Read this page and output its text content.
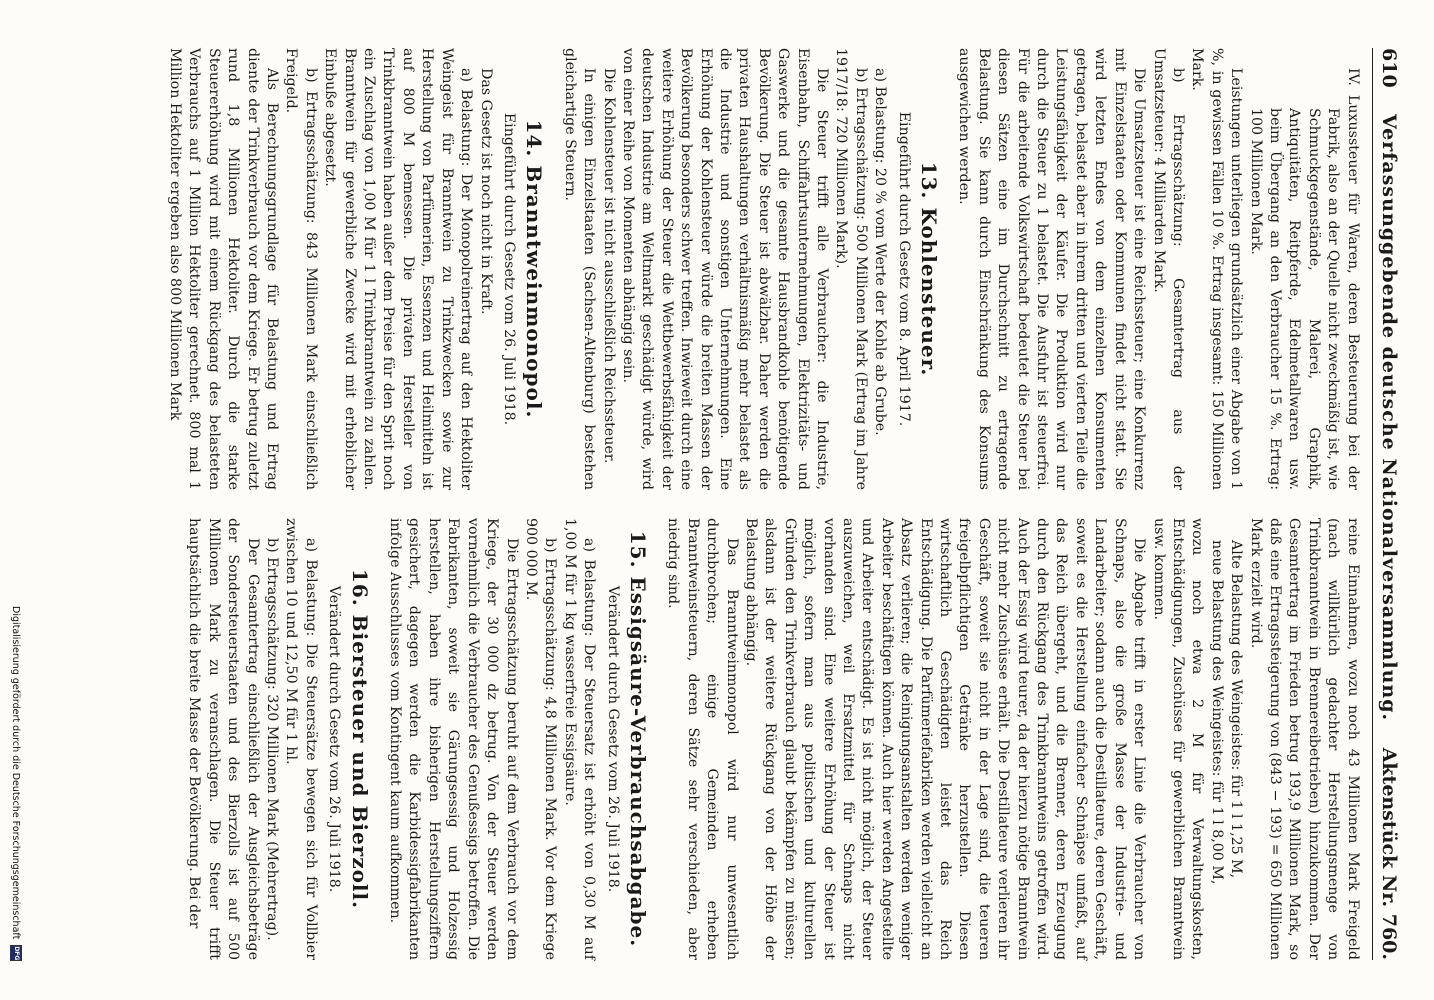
610
Verfassunggebende deutsche Nationalversammlung.
Aktenstück Nr. 760.

IV. Luxussteuer für Waren, deren Besteuerung bei der Fabrik, also an der Quelle nicht zweckmäßig ist, wie Schmuckgegenstände, Malerei, Graphik, Antiquitäten, Reitpferde, Edelmetallwaren usw. beim Übergang an den Verbraucher 15 %. Ertrag: 100 Millionen Mark.

Leistungen unterliegen grundsätzlich einer Abgabe von 1 %, in gewissen Fällen 10 %. Ertrag insgesamt: 150 Millionen Mark.

b) Ertragsschätzung: Gesamtertrag aus der Umsatzsteuer: 4 Milliarden Mark.

Die Umsatzsteuer ist eine Reichssteuer; eine Konkurrenz mit Einzelstaaten oder Kommunen findet nicht statt. Sie wird letzten Endes von dem einzelnen Konsumenten getragen, belastet aber in ihrem dritten und vierten Teile die Leistungsfähigkeit der Käufer. Die Produktion wird nur durch die Steuer zu 1 belastet. Die Ausfuhr ist steuerfrei. Für die arbeitende Volkswirtschaft bedeutet die Steuer bei diesen Sätzen eine im Durchschnitt zu ertragende Belastung. Sie kann durch Einschränkung des Konsums ausgewichen werden.

13. Kohlensteuer.
Eingeführt durch Gesetz vom 8. April 1917.

a) Belastung: 20 % vom Werte der Kohle ab Grube.

b) Ertragsschätzung: 500 Millionen Mark (Ertrag im Jahre 1917/18: 720 Millionen Mark).

Die Steuer trifft alle Verbraucher: die Industrie, Eisenbahn, Schiffahrtsunternehmungen, Elektrizitäts- und Gaswerke und die gesamte Hausbrandkohle benötigende Bevölkerung. Die Steuer ist abwälzbar. Daher werden die privaten Haushaltungen verhältnismäßig mehr belastet als die Industrie und sonstigen Unternehmungen. Eine Erhöhung der Kohlensteuer würde die breiten Massen der Bevölkerung besonders schwer treffen. Inwieweit durch eine weitere Erhöhung der Steuer die Wettbewerbsfähigkeit der deutschen Industrie am Weltmarkt geschädigt würde, wird von einer Reihe von Momenten abhängig sein.

Die Kohlensteuer ist nicht ausschließlich Reichssteuer.

In einigen Einzelstaaten (Sachsen-Altenburg) bestehen gleichartige Steuern.

14. Branntweinmonopol.
Eingeführt durch Gesetz vom 26. Juli 1918.

Das Gesetz ist noch nicht in Kraft.

a) Belastung: Der Monopolreinertrag auf den Hektoliter Weingeist für Branntwein zu Trinkzwecken sowie zur Herstellung von Parfümerien, Essenzen und Heilmitteln ist auf 800 M bemessen. Die privaten Hersteller von Trinkbranntwein haben außer dem Preise für den Sprit noch ein Zuschlag von 1,00 M für 1 l Trinkbranntwein zu zahlen. Branntwein für gewerbliche Zwecke wird mit erheblicher Einbuße abgesetzt.

b) Ertragsschätzung: 843 Millionen Mark einschließlich Freigeld.

Als Berechnungsgrundlage für Belastung und Ertrag diente der Trinkverbrauch vor dem Kriege. Er betrug zuletzt rund 1,8 Millionen Hektoliter. Durch die starke Steuererhöhung wird mit einem Rückgang des belasteten Verbrauchs auf 1 Million Hektoliter gerechnet. 800 mal 1 Million Hektoliter ergeben also 800 Millionen Mark

reine Einnahmen, wozu noch 43 Millionen Mark Freigeld (nach willkürlich gedachter Herstellungsmenge von Trinkbranntwein in Brennereibetrieben) hinzukommen. Der Gesamtertrag im Frieden betrug 193,9 Millionen Mark, so daß eine Ertragssteigerung von (843 − 193) = 650 Millionen Mark erzielt wird.

Alte Belastung des Weingeistes: für 1 l 1,25 M,

neue Belastung des Weingeistes: für 1 l 8,00 M,

wozu noch etwa 2 M für Verwaltungskosten, Entschädigungen, Zuschüsse für gewerblichen Branntwein usw. kommen.

Die Abgabe trifft in erster Linie die Verbraucher von Schnaps, also die große Masse der Industrie- und Landarbeiter; sodann auch die Destillateure, deren Geschäft, soweit es die Herstellung einfacher Schnäpse umfaßt, auf das Reich übergeht, und die Brenner, deren Erzeugung durch den Rückgang des Trinkbranntweins getroffen wird. Auch der Essig wird teurer, da der hierzu nötige Branntwein nicht mehr Zuschüsse erhält. Die Destillateure verlieren ihr Geschäft, soweit sie nicht in der Lage sind, die teueren freigelbpflichtigen Getränke herzustellen. Diesen wirtschaftlich Geschädigten leistet das Reich Entschädigung. Die Parfümeriefabriken werden vielleicht an Absatz verlieren; die Reinigungsanstalten werden weniger Arbeiter beschäftigen können. Auch hier werden Angestellte und Arbeiter entschädigt. Es ist nicht möglich, der Steuer auszuweichen, weil Ersatzmittel für Schnaps nicht vorhanden sind. Eine weitere Erhöhung der Steuer ist möglich, sofern man aus politischen und kulturellen Gründen den Trinkverbrauch glaubt bekämpfen zu müssen; alsdann ist der weitere Rückgang von der Höhe der Belastung abhängig.

Das Branntweinmonopol wird nur unwesentlich durchbrochen; einige Gemeinden erheben Branntweinsteuern, deren Sätze sehr verschieden, aber niedrig sind.

15. Essigsäure-Verbrauchsabgabe.
Verändert durch Gesetz vom 26. Juli 1918.

a) Belastung: Der Steuersatz ist erhöht von 0,30 M auf 1,00 M für 1 kg wasserfreie Essigsäure.

b) Ertragsschätzung: 4,8 Millionen Mark. Vor dem Kriege 900 000 M.

Die Ertragsschätzung beruht auf dem Verbrauch vor dem Kriege, der 30 000 dz betrug. Von der Steuer werden vornehmlich die Verbraucher des Genußessigs betroffen. Die Fabrikanten, soweit sie Gärungsessig und Holzessig herstellen, haben ihre bisherigen Herstellungsziffern gesichert, dagegen werden die Karbidessigfabrikanten infolge Ausschlusses vom Kontingent kaum aufkommen.

16. Biersteuer und Bierzoll.
Verändert durch Gesetz vom 26. Juli 1918.

a) Belastung: Die Steuersätze bewegen sich für Vollbier zwischen 10 und 12,50 M für 1 hl.

b) Ertragsschätzung: 320 Millionen Mark (Mehrertrag).

Der Gesamtertrag einschließlich der Ausgleichsbeträge der Sondersteuerstaaten und des Bierzolls ist auf 500 Millionen Mark zu veranschlagen. Die Steuer trifft hauptsächlich die breite Masse der Bevölkerung. Bei der

Digitalisierung gefördert durch die Deutsche Forschungsgemeinschaft
DFG
